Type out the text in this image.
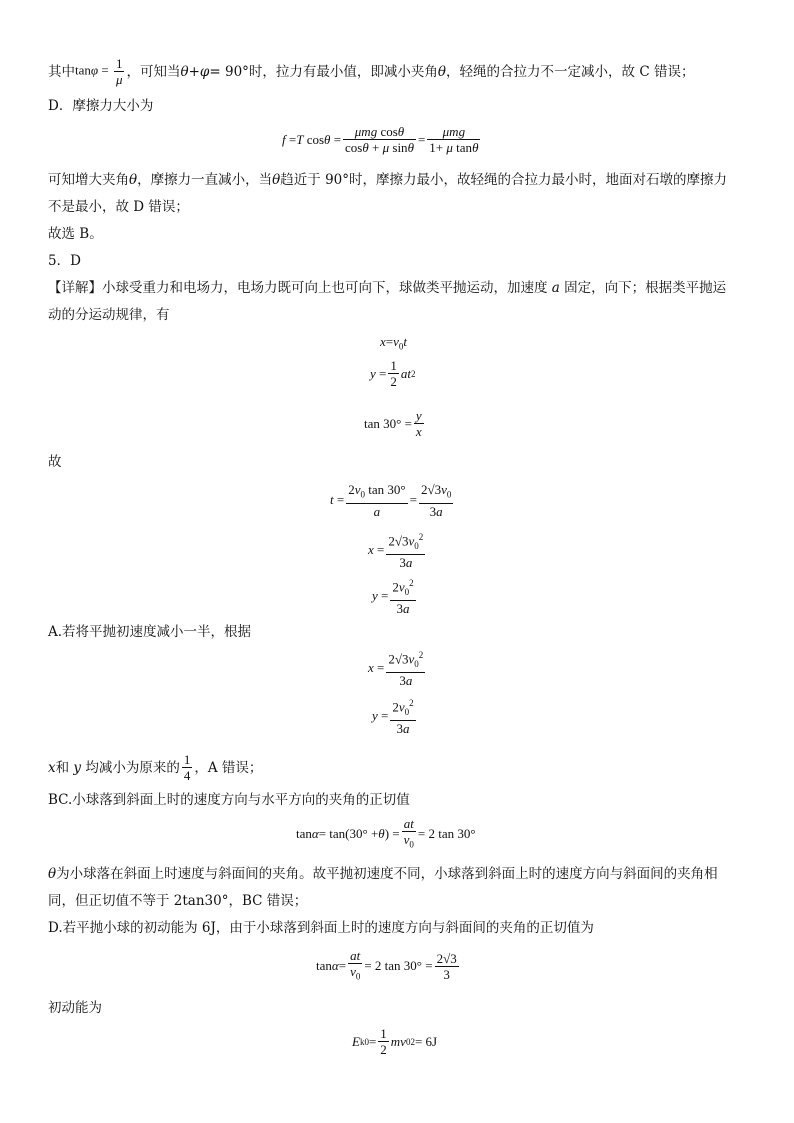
其中 $\tan\varphi = \frac{1}{\mu}$ ，可知当 θ + φ = 90° 时，拉力有最小值，即减小夹角 θ ，轻绳的合拉力不一定减小，故 C 错误；
D．摩擦力大小为
f = T $\cos \theta = \frac{\text{μmg cosθ}}{\text{cosθ + μ sinθ}} = \frac{\text{μmg}}{\text{1+ μ tanθ}}$
可知增大夹角 θ ，摩擦力一直减小，当 θ 趋近于 90°时，摩擦力最小，故轻绳的合拉力最小时，地面对石墩的摩擦力
不是最小，故 D 错误；
故选 B。
5．D
【详解】小球受重力和电场力，电场力既可向上也可向下，球做类平抛运动，加速度 a 固定，向下；根据类平抛运
动的分运动规律，有
$x=v_0t$
$y = \frac{1}{2}$ at 2
$\tan 30^\circ = \frac{y}{x}$
故
$t = \frac{2v_0 \tan 30^\circ}{a} = \frac{2√3v_0}{3a}$
$x = \frac{2√3v_0^2}{3a}$
$y = \frac{2v_0^2}{3a}$
A.若将平抛初速度减小一半，根据
$x = \frac{2√3v_0^2}{3a}$
$y = \frac{2v_0^2}{3a}$
x 和 y 均减小为原来的 $\frac{1}{4}$ ，A 错误；
BC.小球落到斜面上时的速度方向与水平方向的夹角的正切值
tan α = tan(30° + θ ) = $\frac{at}{v_0} = 2$ tan 30°
θ 为小球落在斜面上时速度与斜面间的夹角。故平抛初速度不同，小球落到斜面上时的速度方向与斜面间的夹角相
同，但正切值不等于 2tan30°，BC 错误；
D.若平抛小球的初动能为 6J，由于小球落到斜面上时的速度方向与斜面间的夹角的正切值为
$\tan \alpha = \frac{at}{v_0} = 2$ $\tan 30^\circ = \frac{2√3}{3}$
初动能为
E $k0 = \frac{1}{2}$ mv 0 2 = 6J
